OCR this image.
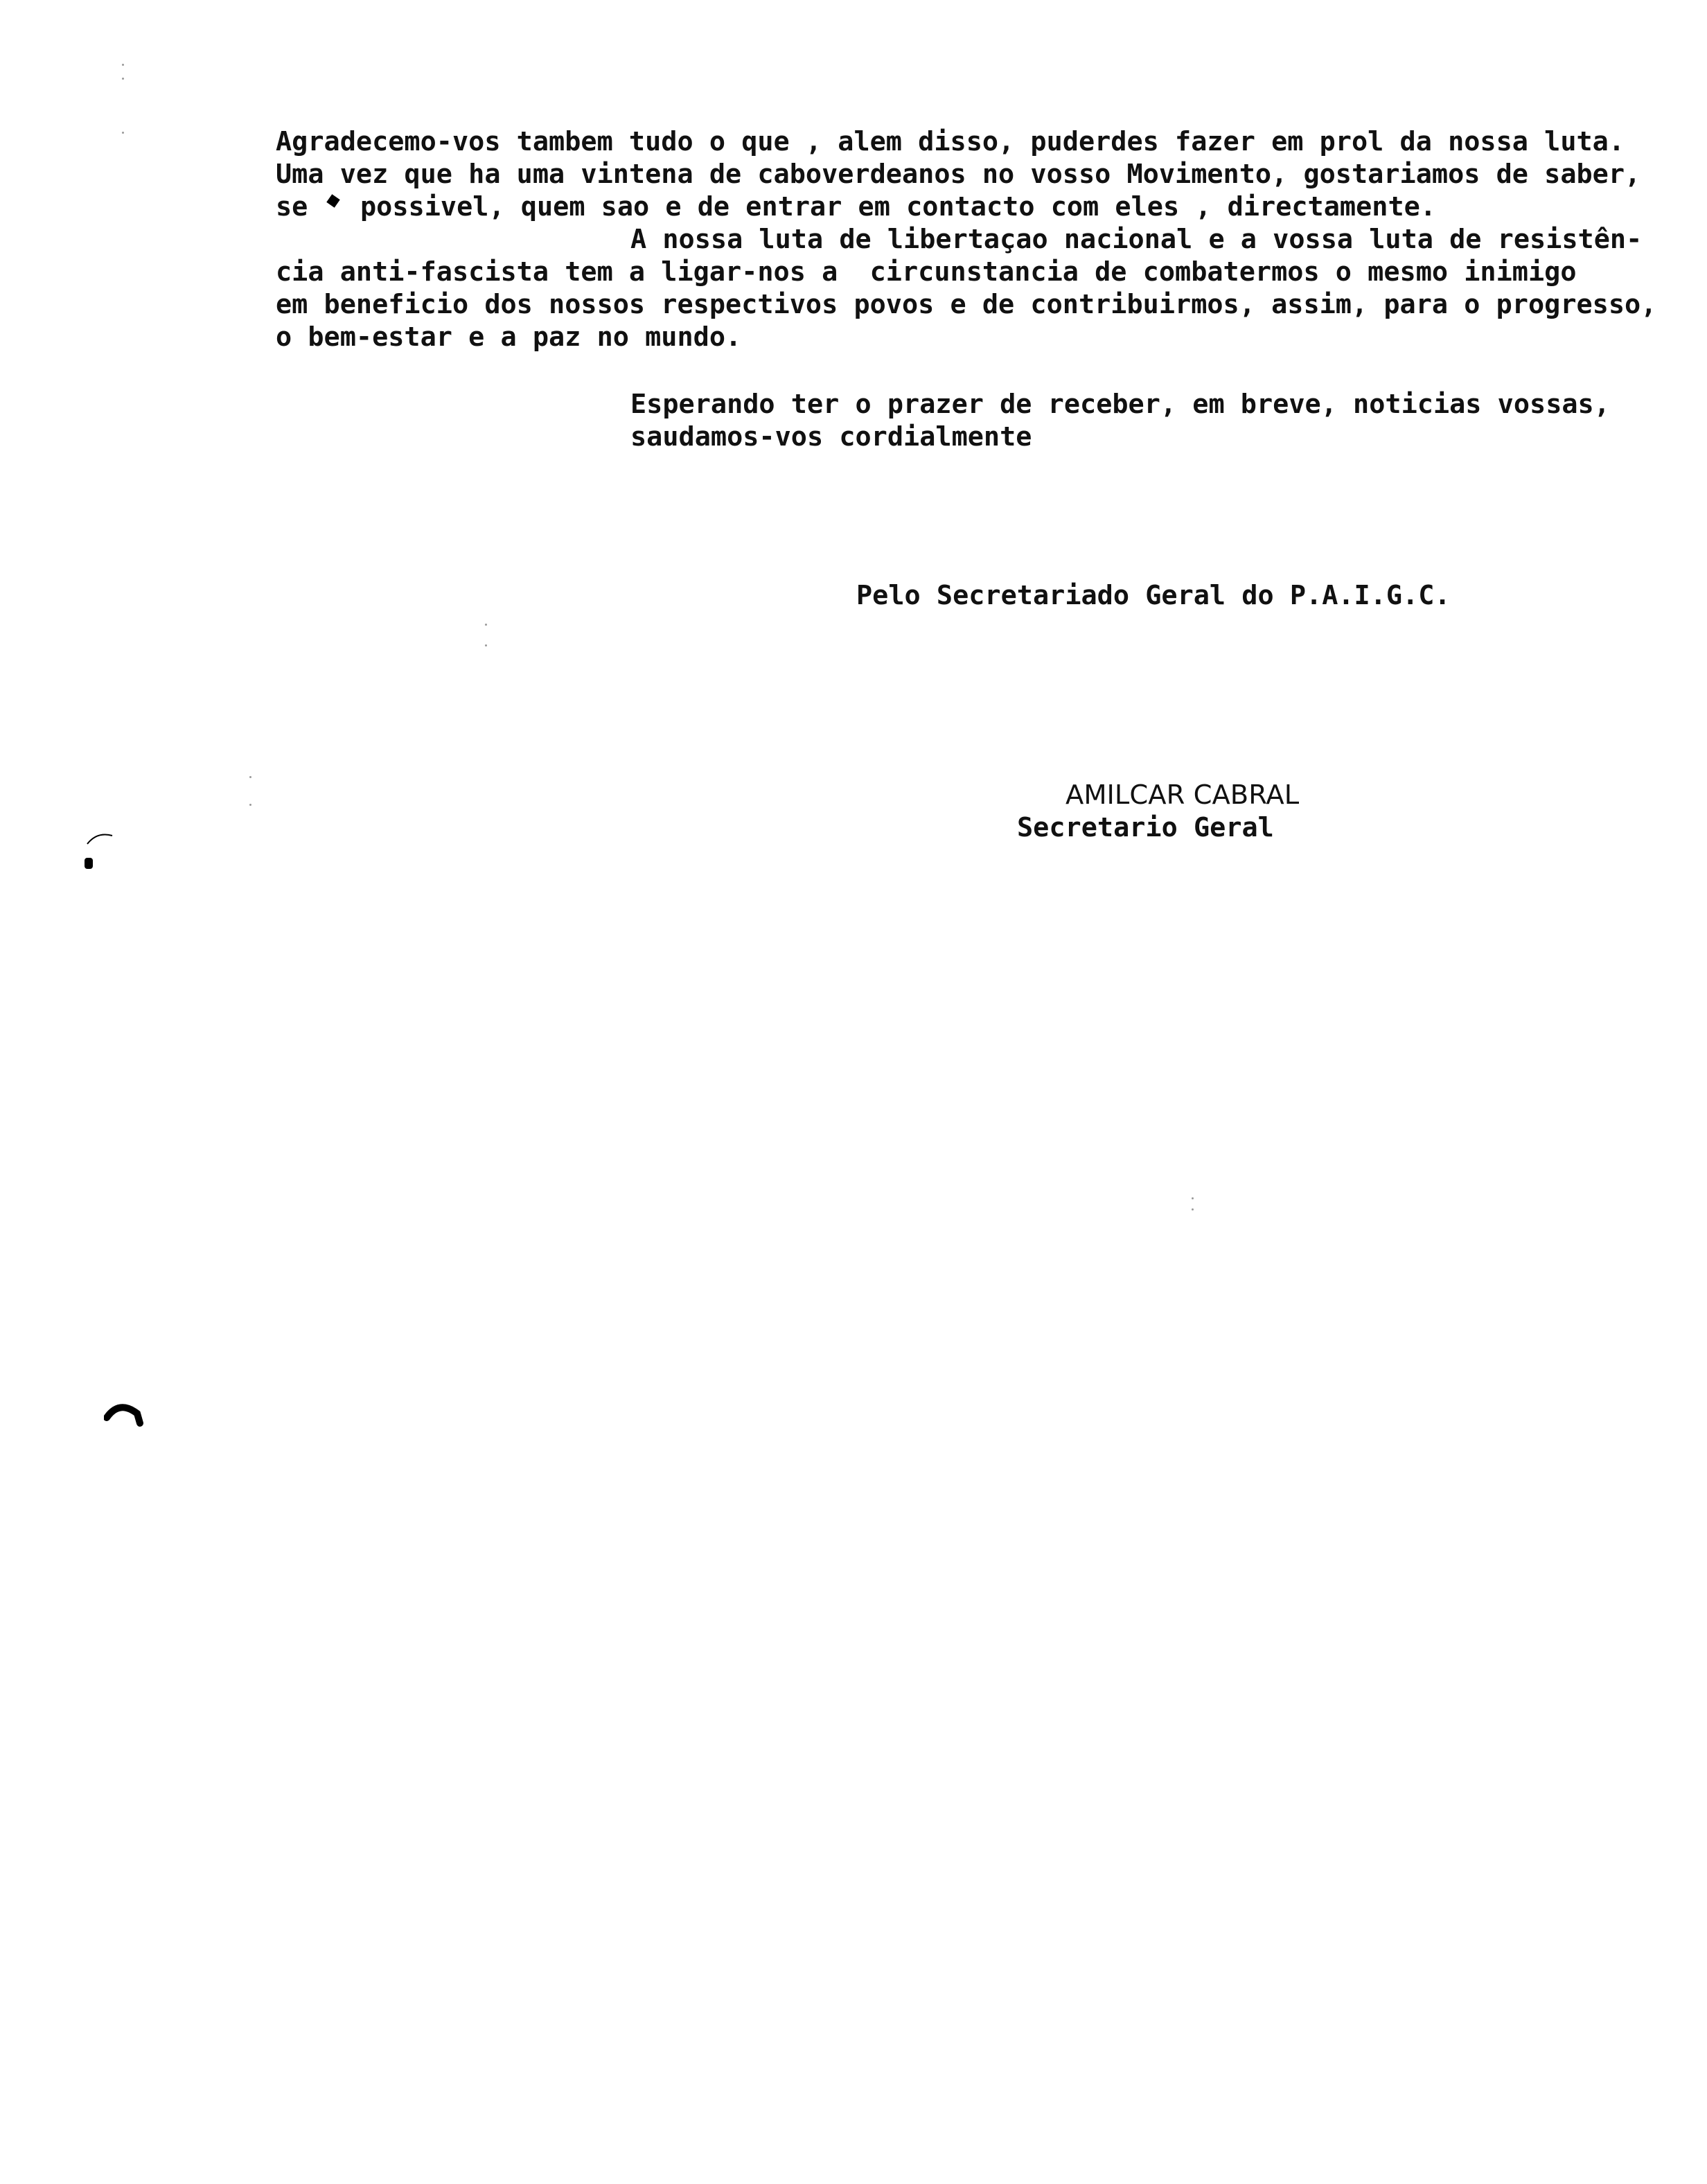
Agradecemo-vos tambem tudo o que , alem disso, puderdes fazer em prol da nossa luta.
Uma vez que ha uma vintena de caboverdeanos no vosso Movimento, gostariamos de saber,
se possivel, quem sao e de entrar em contacto com eles , directamente.
A nossa luta de libertaçao nacional e a vossa luta de resistên-
cia anti-fascista tem a ligar-nos a  circunstancia de combatermos o mesmo inimigo
em beneficio dos nossos respectivos povos e de contribuirmos, assim, para o progresso,
o bem-estar e a paz no mundo.
Esperando ter o prazer de receber, em breve, noticias vossas,
saudamos-vos cordialmente
Pelo Secretariado Geral do P.A.I.G.C.
AMILCAR CABRAL
Secretario Geral
